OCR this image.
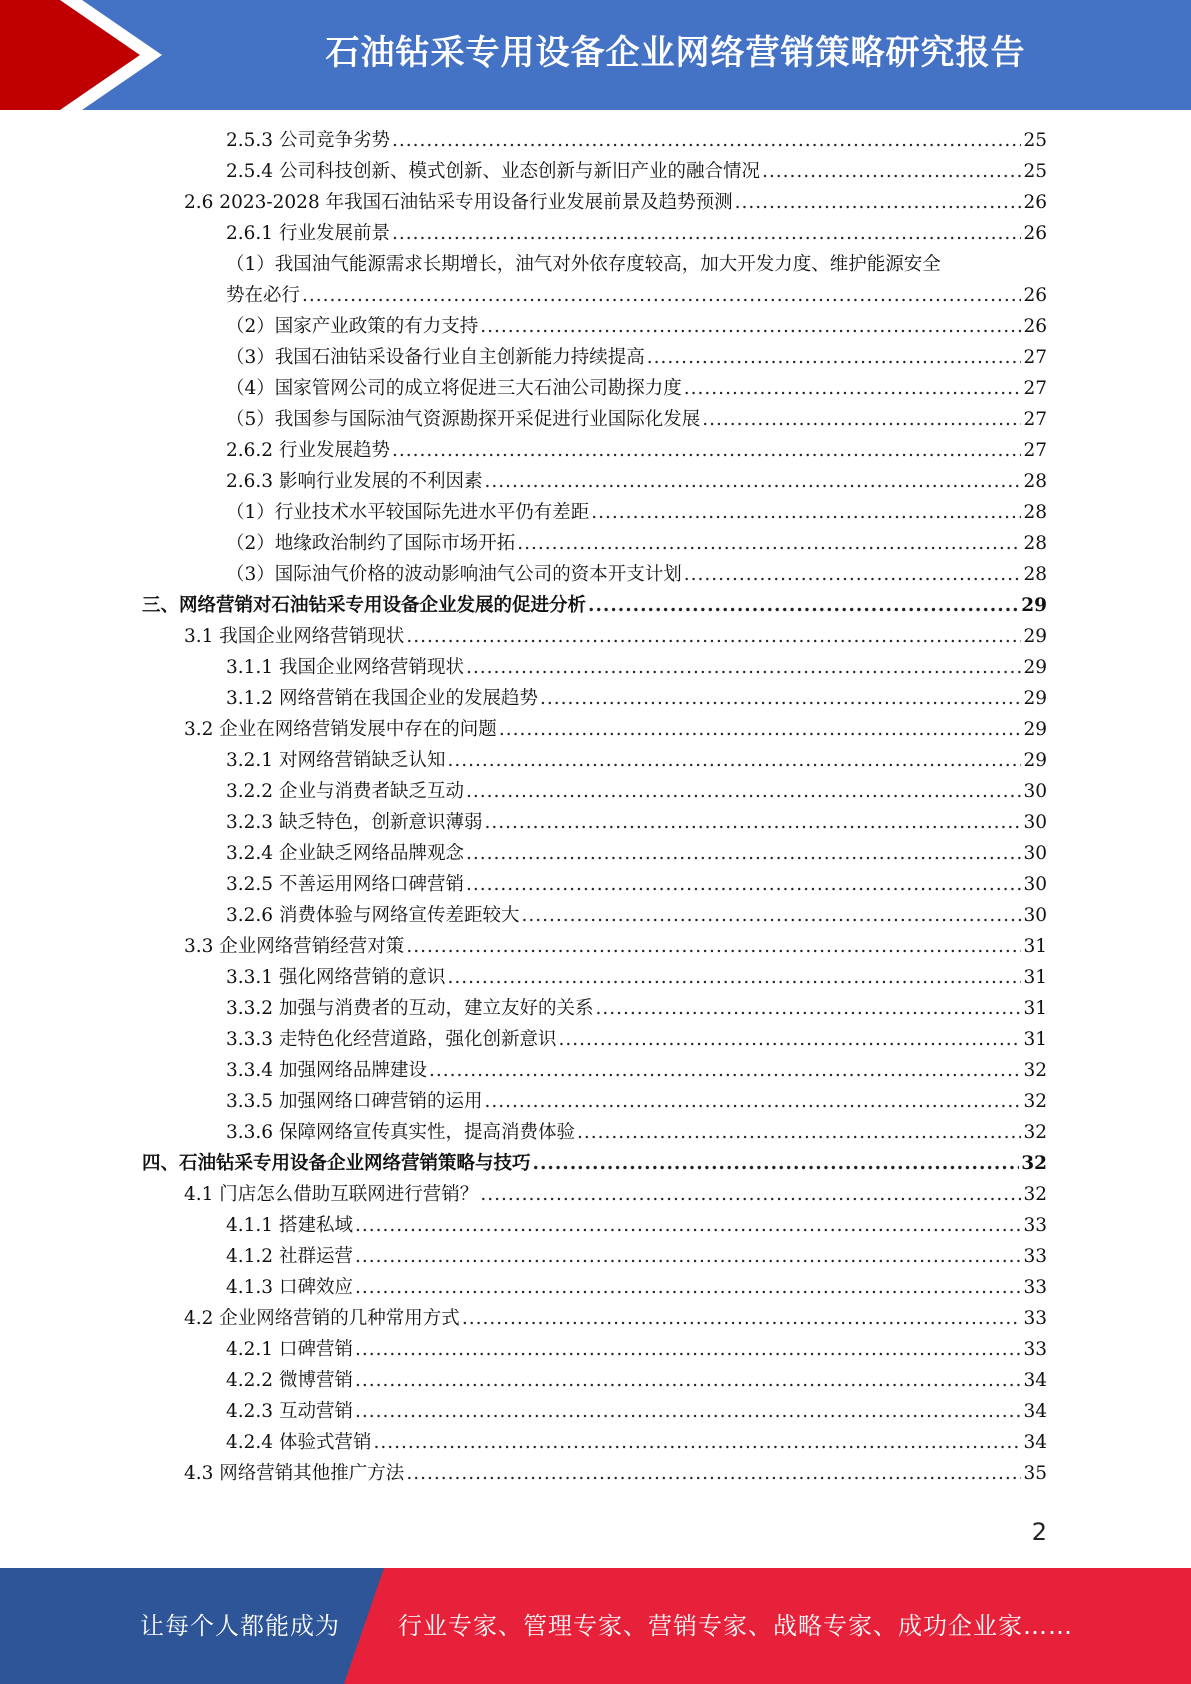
石油钻采专用设备企业网络营销策略研究报告
2.5.3 公司竞争劣势 .....	25
2.5.4 公司科技创新、模式创新、业态创新与新旧产业的融合情况 .....	25
2.6 2023-2028 年我国石油钻采专用设备行业发展前景及趋势预测 .....	26
2.6.1 行业发展前景 .....	26
（1）我国油气能源需求长期增长，油气对外依存度较高，加大开发力度、维护能源安全
势在必行 .....	26
（2）国家产业政策的有力支持 .....	26
（3）我国石油钻采设备行业自主创新能力持续提高 .....	27
（4）国家管网公司的成立将促进三大石油公司勘探力度 .....	27
（5）我国参与国际油气资源勘探开采促进行业国际化发展 .....	27
2.6.2 行业发展趋势 .....	27
2.6.3 影响行业发展的不利因素 .....	28
（1）行业技术水平较国际先进水平仍有差距 .....	28
（2）地缘政治制约了国际市场开拓 .....	28
（3）国际油气价格的波动影响油气公司的资本开支计划 .....	28
三、网络营销对石油钻采专用设备企业发展的促进分析 .....	29
3.1 我国企业网络营销现状 .....	29
3.1.1 我国企业网络营销现状 .....	29
3.1.2 网络营销在我国企业的发展趋势 .....	29
3.2 企业在网络营销发展中存在的问题 .....	29
3.2.1 对网络营销缺乏认知 .....	29
3.2.2 企业与消费者缺乏互动 .....	30
3.2.3 缺乏特色，创新意识薄弱 .....	30
3.2.4 企业缺乏网络品牌观念 .....	30
3.2.5 不善运用网络口碑营销 .....	30
3.2.6 消费体验与网络宣传差距较大 .....	30
3.3 企业网络营销经营对策 .....	31
3.3.1 强化网络营销的意识 .....	31
3.3.2 加强与消费者的互动，建立友好的关系 .....	31
3.3.3 走特色化经营道路，强化创新意识 .....	31
3.3.4 加强网络品牌建设 .....	32
3.3.5 加强网络口碑营销的运用 .....	32
3.3.6 保障网络宣传真实性，提高消费体验 .....	32
四、石油钻采专用设备企业网络营销策略与技巧 .....	32
4.1 门店怎么借助互联网进行营销？ .....	32
4.1.1 搭建私域 .....	33
4.1.2 社群运营 .....	33
4.1.3 口碑效应 .....	33
4.2 企业网络营销的几种常用方式 .....	33
4.2.1 口碑营销 .....	33
4.2.2 微博营销 .....	34
4.2.3 互动营销 .....	34
4.2.4 体验式营销 .....	34
4.3 网络营销其他推广方法 .....	35
2
让每个人都能成为 行业专家、管理专家、营销专家、战略专家、成功企业家……
